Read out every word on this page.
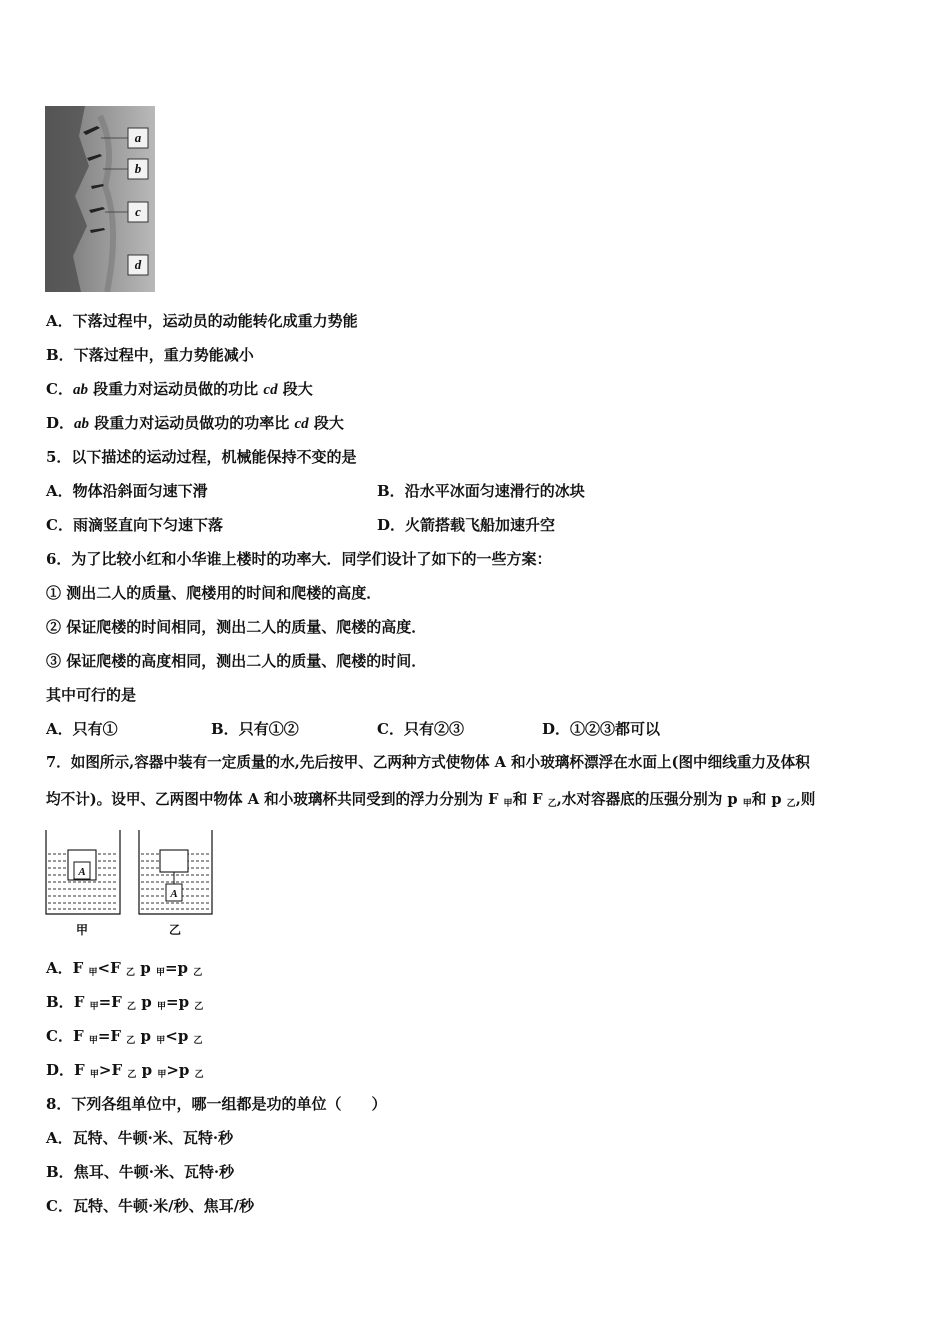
a
b
c
d
A．下落过程中，运动员的动能转化成重力势能
B．下落过程中，重力势能减小
C．ab 段重力对运动员做的功比 cd 段大
D．ab 段重力对运动员做功的功率比 cd 段大
5．以下描述的运动过程，机械能保持不变的是
A．物体沿斜面匀速下滑	B．沿水平冰面匀速滑行的冰块
C．雨滴竖直向下匀速下落	D．火箭搭载飞船加速升空
6．为了比较小红和小华谁上楼时的功率大．同学们设计了如下的一些方案：
① 测出二人的质量、爬楼用的时间和爬楼的高度．
② 保证爬楼的时间相同，测出二人的质量、爬楼的高度．
③ 保证爬楼的高度相同，测出二人的质量、爬楼的时间．
其中可行的是
A．只有①	B．只有①②	C．只有②③	D．①②③都可以
7．如图所示,容器中装有一定质量的水,先后按甲、乙两种方式使物体 A 和小玻璃杯漂浮在水面上(图中细线重力及体积
均不计)。设甲、乙两图中物体 A 和小玻璃杯共同受到的浮力分别为 F $_甲$和 F $_乙$,水对容器底的压强分别为 p $_甲$和 p $_乙$,则
A
A
甲	乙
A．F $_甲$<F $_乙$ p $_甲$=p $_乙$
B．F $_甲$=F $_乙$ p $_甲$=p $_乙$
C．F $_甲$=F $_乙$ p $_甲$<p $_乙$
D．F $_甲$>F $_乙$ p $_甲$>p $_乙$
8．下列各组单位中，哪一组都是功的单位（　　）
A．瓦特、牛顿·米、瓦特·秒
B．焦耳、牛顿·米、瓦特·秒
C．瓦特、牛顿·米/秒、焦耳/秒
